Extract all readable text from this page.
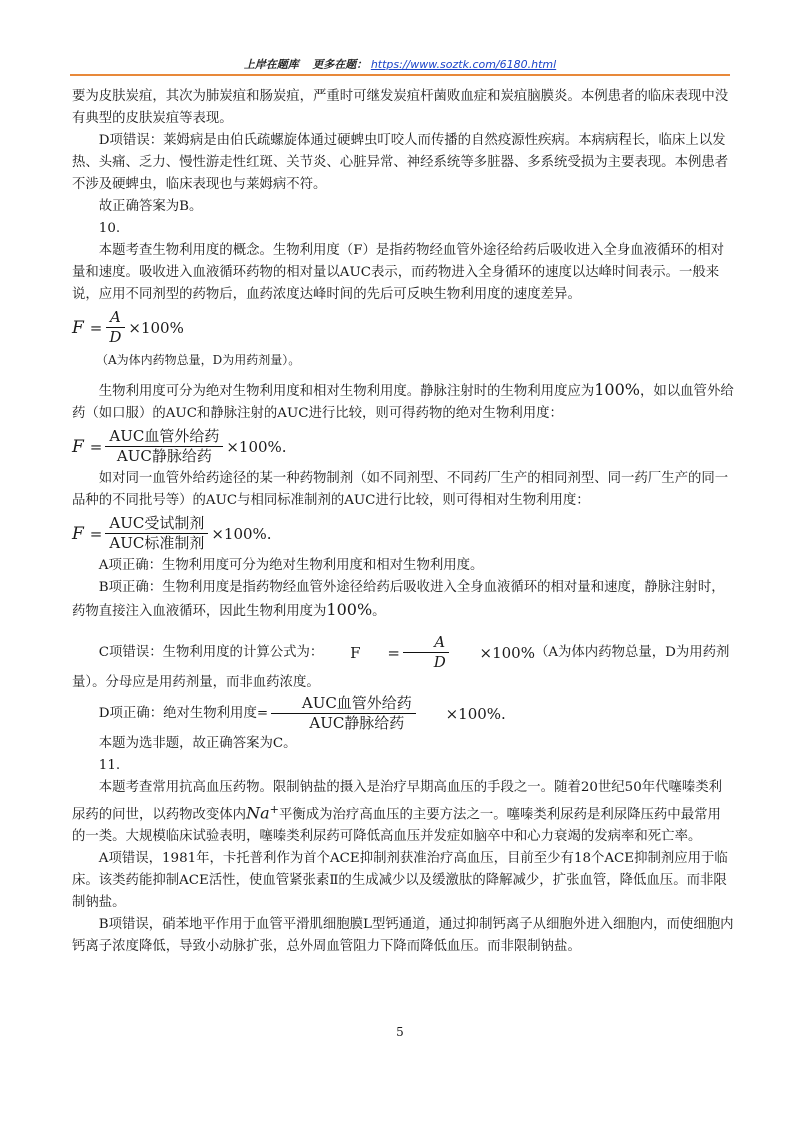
上岸在题库 更多在题： https://www.soztk.com/6180.html

要为皮肤炭疽，其次为肺炭疽和肠炭疽，严重时可继发炭疽杆菌败血症和炭疽脑膜炎。本例患者的临床表现中没有典型的皮肤炭疽等表现。

D项错误：莱姆病是由伯氏疏螺旋体通过硬蜱虫叮咬人而传播的自然疫源性疾病。本病病程长，临床上以发热、头痛、乏力、慢性游走性红斑、关节炎、心脏异常、神经系统等多脏器、多系统受损为主要表现。本例患者不涉及硬蜱虫，临床表现也与莱姆病不符。

故正确答案为B。

10.

本题考查生物利用度的概念。生物利用度（F）是指药物经血管外途径给药后吸收进入全身血液循环的相对量和速度。吸收进入血液循环药物的相对量以AUC表示，而药物进入全身循环的速度以达峰时间表示。一般来说，应用不同剂型的药物后，血药浓度达峰时间的先后可反映生物利用度的速度差异。

$F = \frac{A}{D} \times 100\%$

（A为体内药物总量，D为用药剂量）。

生物利用度可分为绝对生物利用度和相对生物利用度。静脉注射时的生物利用度应为100%，如以血管外给药（如口服）的AUC和静脉注射的AUC进行比较，则可得药物的绝对生物利用度：

$F = \frac{\text{AUC血管外给药}}{\text{AUC静脉给药}} \times 100\%$.

如对同一血管外给药途径的某一种药物制剂（如不同剂型、不同药厂生产的相同剂型、同一药厂生产的同一品种的不同批号等）的AUC与相同标准制剂的AUC进行比较，则可得相对生物利用度：

$F = \frac{\text{AUC受试制剂}}{\text{AUC标准制剂}} \times 100\%$.

A项正确：生物利用度可分为绝对生物利用度和相对生物利用度。

B项正确：生物利用度是指药物经血管外途径给药后吸收进入全身血液循环的相对量和速度，静脉注射时，药物直接注入血液循环，因此生物利用度为100%。

C项错误：生物利用度的计算公式为：	F	= $\frac{A}{D}$	×100% （A为体内药物总量，D为用药剂量）。分母应是用药剂量，而非血药浓度。

D项正确：绝对生物利用度= $\frac{\text{AUC血管外给药}}{\text{AUC静脉给药}}$	×100%.

本题为选非题，故正确答案为C。

11.

本题考查常用抗高血压药物。限制钠盐的摄入是治疗早期高血压的手段之一。随着20世纪50年代噻嗪类利尿药的问世，以药物改变体内Na+平衡成为治疗高血压的主要方法之一。噻嗪类利尿药是利尿降压药中最常用的一类。大规模临床试验表明，噻嗪类利尿药可降低高血压并发症如脑卒中和心力衰竭的发病率和死亡率。

A项错误，1981年，卡托普利作为首个ACE抑制剂获准治疗高血压，目前至少有18个ACE抑制剂应用于临床。该类药能抑制ACE活性，使血管紧张素Ⅱ的生成减少以及缓激肽的降解减少，扩张血管，降低血压。而非限制钠盐。

B项错误，硝苯地平作用于血管平滑肌细胞膜L型钙通道，通过抑制钙离子从细胞外进入细胞内，而使细胞内钙离子浓度降低，导致小动脉扩张，总外周血管阻力下降而降低血压。而非限制钠盐。

5
